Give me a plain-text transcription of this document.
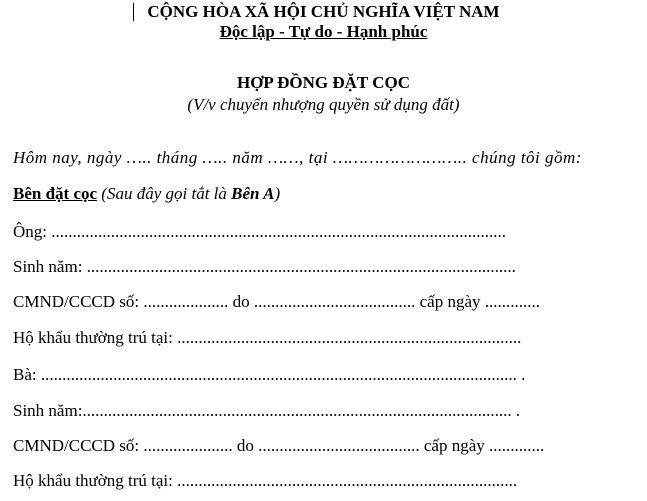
CỘNG HÒA XÃ HỘI CHỦ NGHĨA VIỆT NAM
Độc lập - Tự do - Hạnh phúc
HỢP ĐỒNG ĐẶT CỌC
(V/v chuyển nhượng quyền sử dụng đất)
Hôm nay, ngày ….. tháng ….. năm ……, tại …………………….. chúng tôi gồm:
Bên đặt cọc (Sau đây gọi tắt là Bên A)
Ông: ...........................................................................................................
Sinh năm: .....................................................................................................
CMND/CCCD số: .................... do ...................................... cấp ngày .............
Hộ khẩu thường trú tại: .................................................................................
Bà: ................................................................................................................ .
Sinh năm:..................................................................................................... .
CMND/CCCD số: ..................... do ...................................... cấp ngày .............
Hộ khẩu thường trú tại: ................................................................................
